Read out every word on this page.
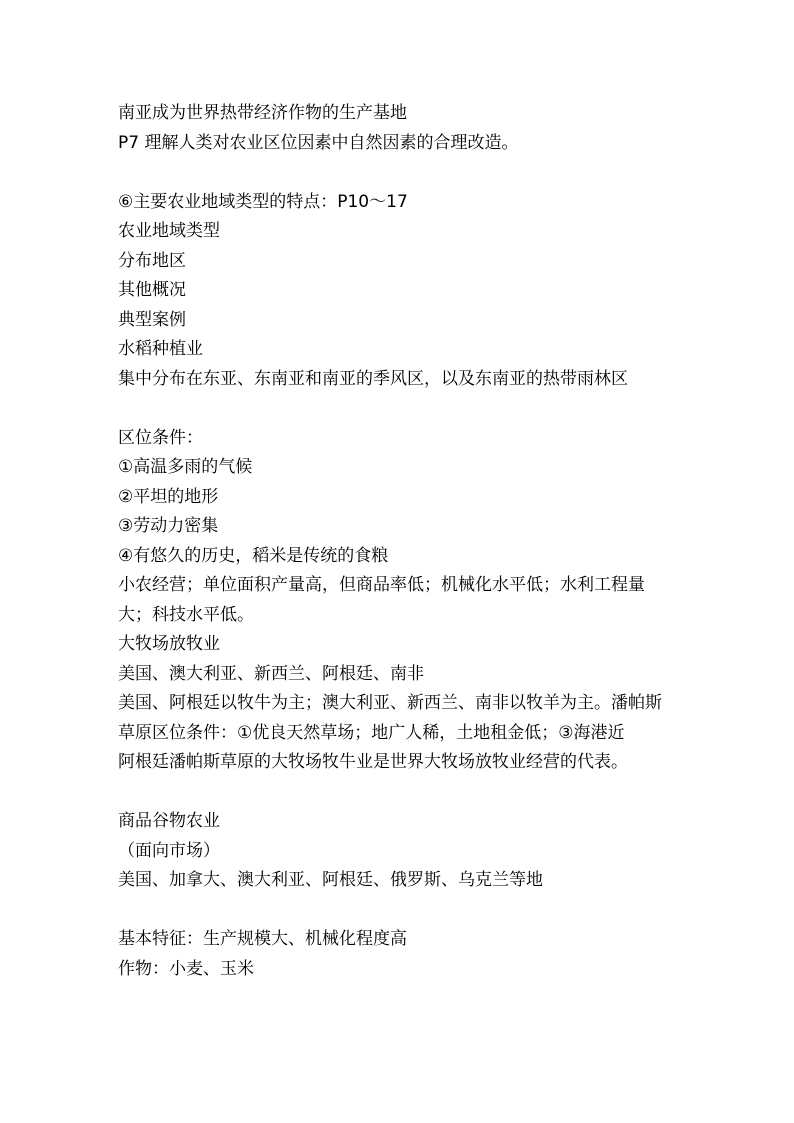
南亚成为世界热带经济作物的生产基地

P7 理解人类对农业区位因素中自然因素的合理改造。

⑥主要农业地域类型的特点：P10～17

农业地域类型

分布地区

其他概况

典型案例

水稻种植业

集中分布在东亚、东南亚和南亚的季风区，以及东南亚的热带雨林区

区位条件：

①高温多雨的气候

②平坦的地形

③劳动力密集

④有悠久的历史，稻米是传统的食粮

小农经营；单位面积产量高，但商品率低；机械化水平低；水利工程量大；科技水平低。

大牧场放牧业

美国、澳大利亚、新西兰、阿根廷、南非

美国、阿根廷以牧牛为主；澳大利亚、新西兰、南非以牧羊为主。潘帕斯草原区位条件：①优良天然草场；地广人稀，土地租金低；③海港近

阿根廷潘帕斯草原的大牧场牧牛业是世界大牧场放牧业经营的代表。

商品谷物农业

（面向市场）

美国、加拿大、澳大利亚、阿根廷、俄罗斯、乌克兰等地

基本特征：生产规模大、机械化程度高

作物：小麦、玉米
